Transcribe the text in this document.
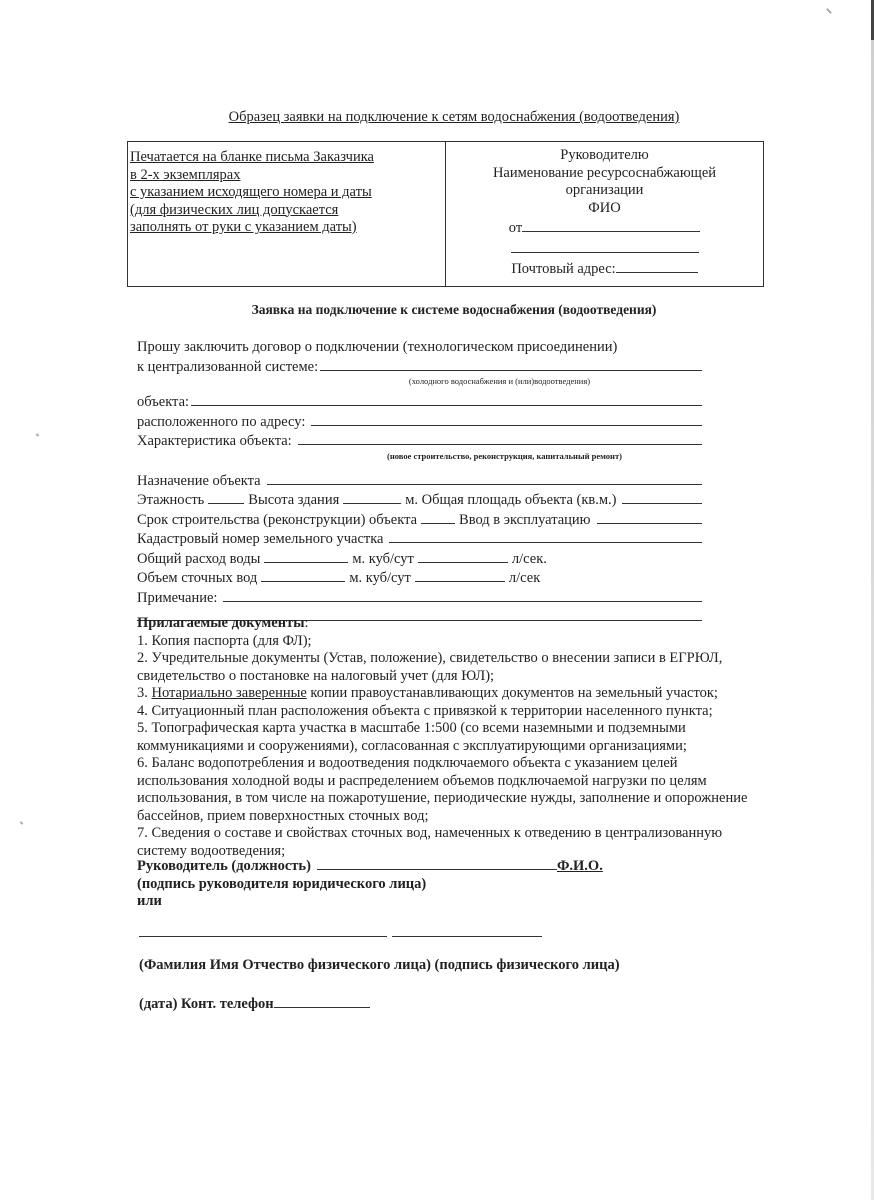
Образец заявки на подключение к сетям водоснабжения (водоотведения)
Печатается на бланке письма Заказчика
в 2-х экземплярах
с указанием исходящего номера и даты
(для физических лиц допускается
заполнять от руки с указанием даты)
Руководителю
Наименование ресурсоснабжающей
организации
ФИО
от
Почтовый адрес:
Заявка на подключение к системе водоснабжения (водоотведения)
Прошу заключить договор о подключении (технологическом присоединении)
к централизованной системе:
(холодного водоснабжения и (или)водоотведения)
объекта:
расположенного по адресу:
Характеристика объекта:
(новое строительство, реконструкция, капитальный ремонт)
Назначение объекта
Этажность	Высота здания	м. Общая площадь объекта (кв.м.)
Срок строительства (реконструкции) объекта	Ввод в эксплуатацию
Кадастровый номер земельного участка
Общий расход воды	м. куб/сут	л/сек.
Объем сточных вод	м. куб/сут	л/сек
Примечание:
Прилагаемые документы:
1. Копия паспорта (для ФЛ);
2. Учредительные документы (Устав, положение), свидетельство о внесении записи в ЕГРЮЛ,
свидетельство о постановке на налоговый учет (для ЮЛ);
3. Нотариально заверенные копии правоустанавливающих документов на земельный участок;
4. Ситуационный план расположения объекта с привязкой к территории населенного пункта;
5. Топографическая карта участка в масштабе 1:500 (со всеми наземными и подземными
коммуникациями и сооружениями), согласованная с эксплуатирующими организациями;
6. Баланс водопотребления и водоотведения подключаемого объекта с указанием целей
использования холодной воды и распределением объемов подключаемой нагрузки по целям
использования, в том числе на пожаротушение, периодические нужды, заполнение и опорожнение
бассейнов, прием поверхностных сточных вод;
7. Сведения о составе и свойствах сточных вод, намеченных к отведению в централизованную
систему водоотведения;
Руководитель (должность)	Ф.И.О.
(подпись руководителя юридического лица)
или
(Фамилия Имя Отчество физического лица) (подпись физического лица)
(дата) Конт. телефон
